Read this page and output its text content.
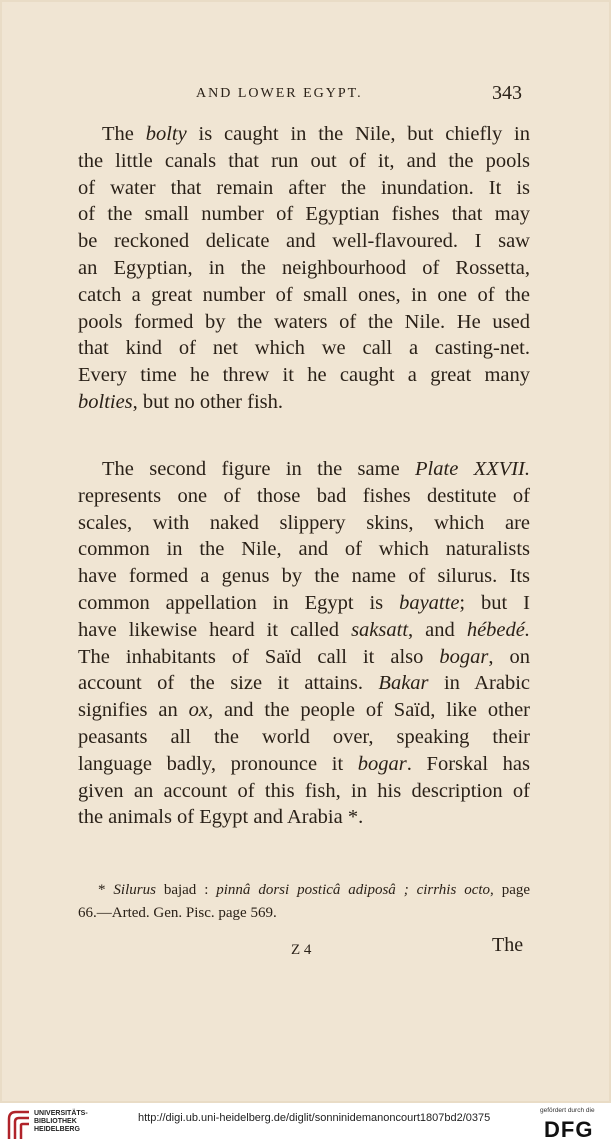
AND LOWER EGYPT.	343
The bolty is caught in the Nile, but chiefly in
the little canals that run out of it, and the pools
of water that remain after the inundation. It is
of the small number of Egyptian fishes that may
be reckoned delicate and well-flavoured. I saw
an Egyptian, in the neighbourhood of Rossetta,
catch a great number of small ones, in one of the
pools formed by the waters of the Nile. He used
that kind of net which we call a casting-net.
Every time he threw it he caught a great many
bolties, but no other fish.
The second figure in the same Plate XXVII.
represents one of those bad fishes destitute of
scales, with naked slippery skins, which are
common in the Nile, and of which naturalists
have formed a genus by the name of silurus. Its
common appellation in Egypt is bayatte; but I
have likewise heard it called saksatt, and hébedé.
The inhabitants of Saïd call it also bogar, on
account of the size it attains. Bakar in Arabic
signifies an ox, and the people of Saïd, like other
peasants all the world over, speaking their
language badly, pronounce it bogar. Forskal has
given an account of this fish, in his description of
the animals of Egypt and Arabia *.
* Silurus bajad : pinnâ dorsi posticâ adiposâ ; cirrhis octo, page
66.—Arted. Gen. Pisc. page 569.
Z 4	The
UNIVERSITÄTS-
BIBLIOTHEK
HEIDELBERG
http://digi.ub.uni-heidelberg.de/diglit/sonninidemanoncourt1807bd2/0375
gefördert durch die
DFG
